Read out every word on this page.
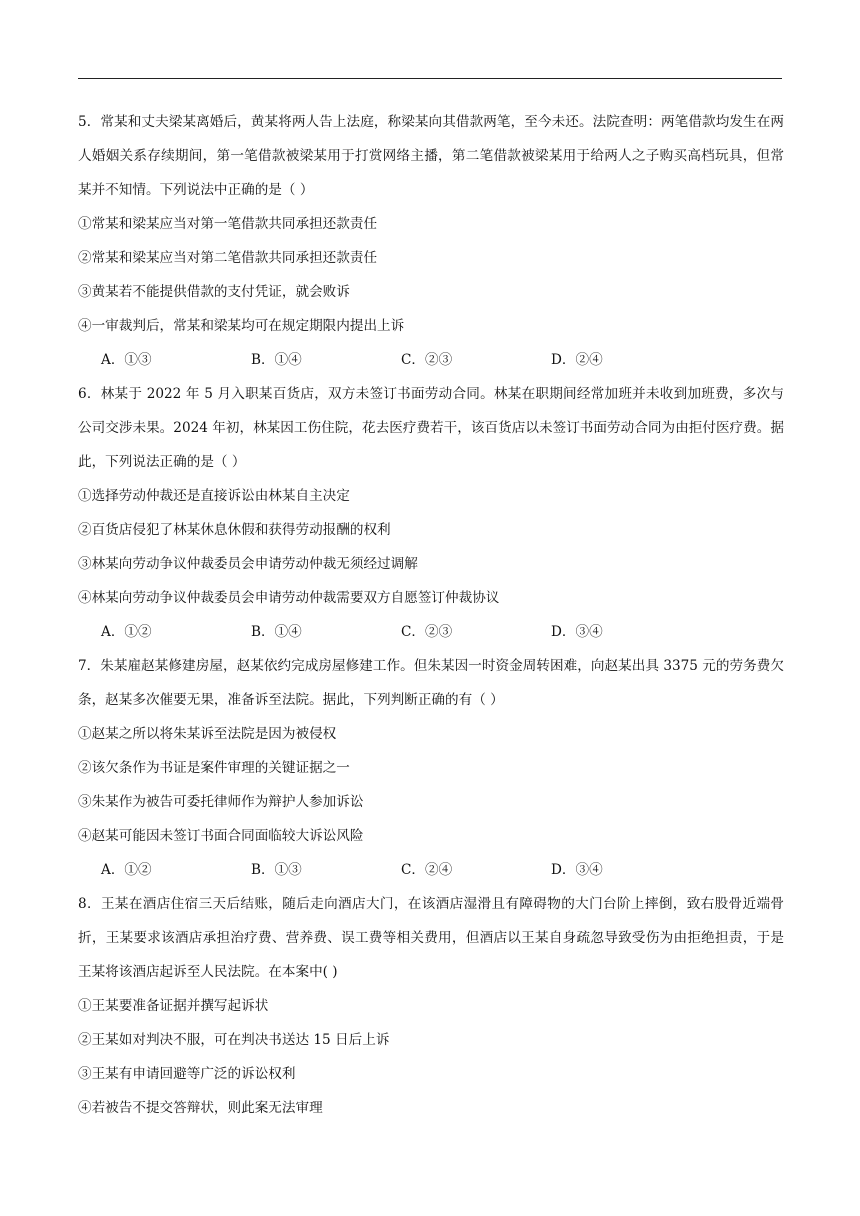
5．常某和丈夫梁某离婚后，黄某将两人告上法庭，称梁某向其借款两笔，至今未还。法院查明：两笔借款均发生在两人婚姻关系存续期间，第一笔借款被梁某用于打赏网络主播，第二笔借款被梁某用于给两人之子购买高档玩具，但常某并不知情。下列说法中正确的是（ ）

①常某和梁某应当对第一笔借款共同承担还款责任

②常某和梁某应当对第二笔借款共同承担还款责任

③黄某若不能提供借款的支付凭证，就会败诉

④一审裁判后，常某和梁某均可在规定期限内提出上诉

A．①③	B．①④	C．②③	D．②④

6．林某于 2022 年 5 月入职某百货店，双方未签订书面劳动合同。林某在职期间经常加班并未收到加班费，多次与公司交涉未果。2024 年初，林某因工伤住院，花去医疗费若干，该百货店以未签订书面劳动合同为由拒付医疗费。据此，下列说法正确的是（ ）

①选择劳动仲裁还是直接诉讼由林某自主决定

②百货店侵犯了林某休息休假和获得劳动报酬的权利

③林某向劳动争议仲裁委员会申请劳动仲裁无须经过调解

④林某向劳动争议仲裁委员会申请劳动仲裁需要双方自愿签订仲裁协议

A．①②	B．①④	C．②③	D．③④

7．朱某雇赵某修建房屋，赵某依约完成房屋修建工作。但朱某因一时资金周转困难，向赵某出具 3375 元的劳务费欠条，赵某多次催要无果，准备诉至法院。据此，下列判断正确的有（ ）

①赵某之所以将朱某诉至法院是因为被侵权

②该欠条作为书证是案件审理的关键证据之一

③朱某作为被告可委托律师作为辩护人参加诉讼

④赵某可能因未签订书面合同面临较大诉讼风险

A．①②	B．①③	C．②④	D．③④

8．王某在酒店住宿三天后结账，随后走向酒店大门，在该酒店湿滑且有障碍物的大门台阶上摔倒，致右股骨近端骨折，王某要求该酒店承担治疗费、营养费、误工费等相关费用，但酒店以王某自身疏忽导致受伤为由拒绝担责，于是王某将该酒店起诉至人民法院。在本案中( )

①王某要准备证据并撰写起诉状

②王某如对判决不服，可在判决书送达 15 日后上诉

③王某有申请回避等广泛的诉讼权利

④若被告不提交答辩状，则此案无法审理
